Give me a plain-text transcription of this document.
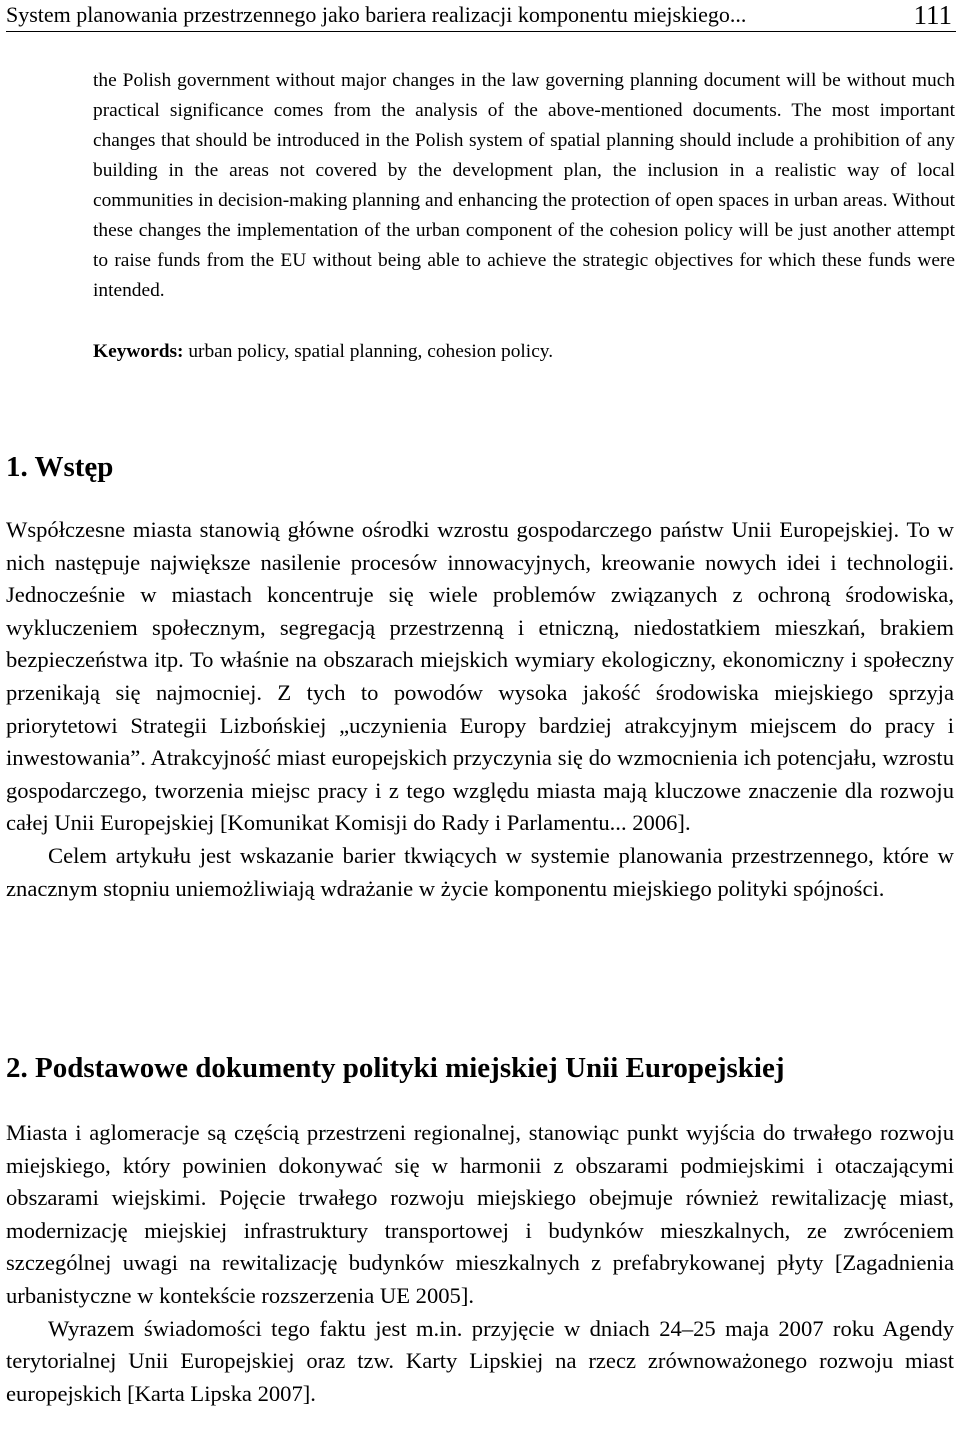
System planowania przestrzennego jako bariera realizacji komponentu miejskiego...	111

the Polish government without major changes in the law governing planning document will be without much practical significance comes from the analysis of the above-mentioned documents. The most important changes that should be introduced in the Polish system of spatial planning should include a prohibition of any building in the areas not covered by the development plan, the inclusion in a realistic way of local communities in decision-making planning and enhancing the protection of open spaces in urban areas. Without these changes the implementation of the urban component of the cohesion policy will be just another attempt to raise funds from the EU without being able to achieve the strategic objectives for which these funds were intended.

Keywords: urban policy, spatial planning, cohesion policy.
1. Wstęp

Współczesne miasta stanowią główne ośrodki wzrostu gospodarczego państw Unii Europejskiej. To w nich następuje największe nasilenie procesów innowacyjnych, kreowanie nowych idei i technologii. Jednocześnie w miastach koncentruje się wiele problemów związanych z ochroną środowiska, wykluczeniem społecznym, segregacją przestrzenną i etniczną, niedostatkiem mieszkań, brakiem bezpieczeństwa itp. To właśnie na obszarach miejskich wymiary ekologiczny, ekonomiczny i społeczny przenikają się najmocniej. Z tych to powodów wysoka jakość środowiska miejskiego sprzyja priorytetowi Strategii Lizbońskiej „uczynienia Europy bardziej atrakcyjnym miejscem do pracy i inwestowania”. Atrakcyjność miast europejskich przyczynia się do wzmocnienia ich potencjału, wzrostu gospodarczego, tworzenia miejsc pracy i z tego względu miasta mają kluczowe znaczenie dla rozwoju całej Unii Europejskiej [Komunikat Komisji do Rady i Parlamentu... 2006].

Celem artykułu jest wskazanie barier tkwiących w systemie planowania przestrzennego, które w znacznym stopniu uniemożliwiają wdrażanie w życie komponentu miejskiego polityki spójności.

2. Podstawowe dokumenty polityki miejskiej Unii Europejskiej

Miasta i aglomeracje są częścią przestrzeni regionalnej, stanowiąc punkt wyjścia do trwałego rozwoju miejskiego, który powinien dokonywać się w harmonii z obszarami podmiejskimi i otaczającymi obszarami wiejskimi. Pojęcie trwałego rozwoju miejskiego obejmuje również rewitalizację miast, modernizację miejskiej infrastruktury transportowej i budynków mieszkalnych, ze zwróceniem szczególnej uwagi na rewitalizację budynków mieszkalnych z prefabrykowanej płyty [Zagadnienia urbanistyczne w kontekście rozszerzenia UE 2005].

Wyrazem świadomości tego faktu jest m.in. przyjęcie w dniach 24–25 maja 2007 roku Agendy terytorialnej Unii Europejskiej oraz tzw. Karty Lipskiej na rzecz zrównoważonego rozwoju miast europejskich [Karta Lipska 2007].
